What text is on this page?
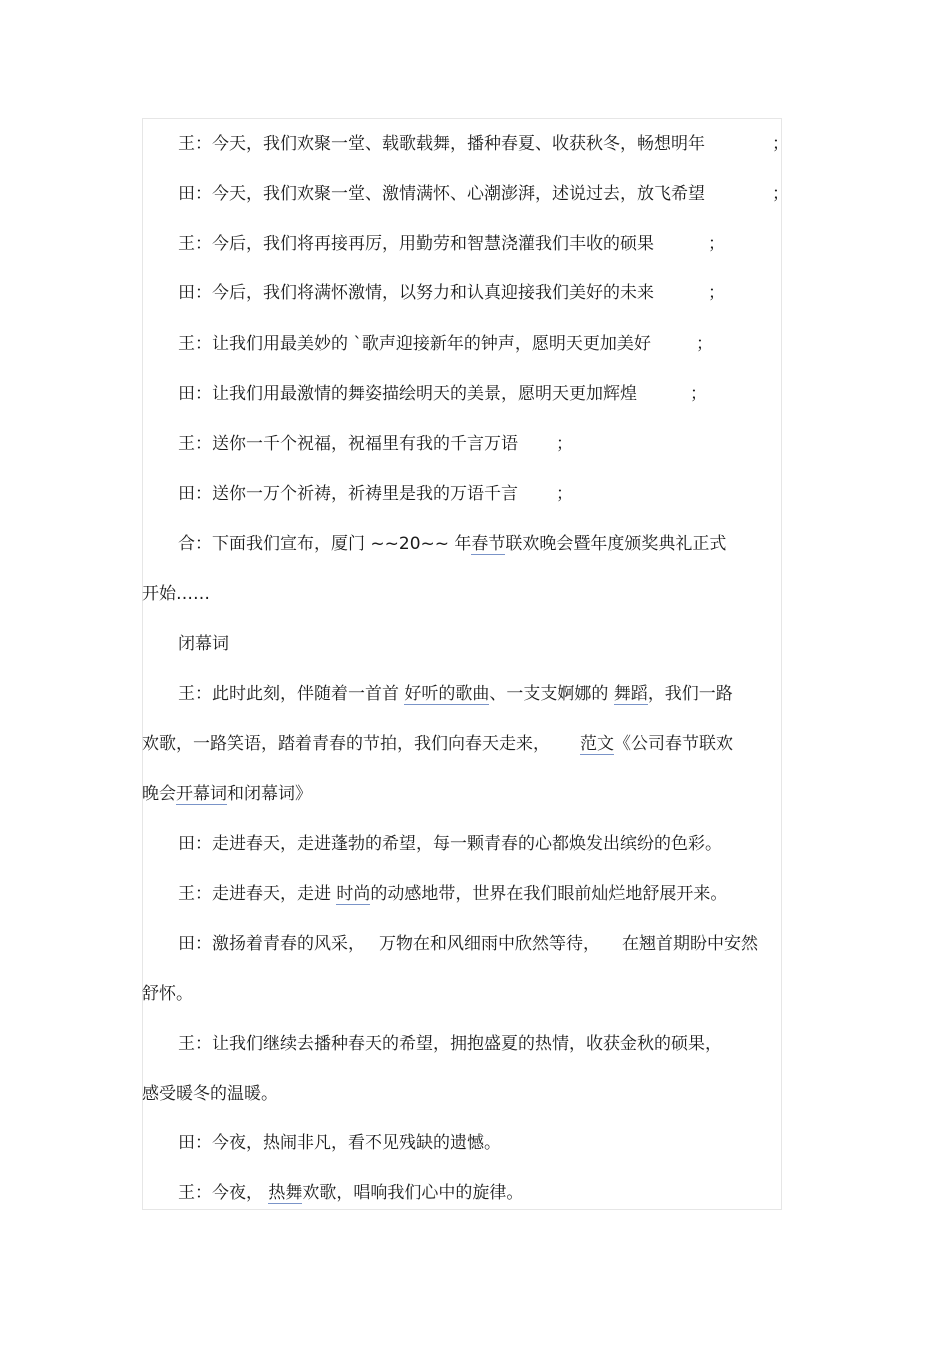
王：今天，我们欢聚一堂、载歌载舞，播种春夏、收获秋冬，畅想明年	；
田：今天，我们欢聚一堂、激情满怀、心潮澎湃，述说过去，放飞希望	；
王：今后，我们将再接再厉，用勤劳和智慧浇灌我们丰收的硕果	；
田：今后，我们将满怀激情，以努力和认真迎接我们美好的未来	；
王：让我们用最美妙的 `歌声迎接新年的钟声，愿明天更加美好	；
田：让我们用最激情的舞姿描绘明天的美景，愿明天更加辉煌	；
王：送你一千个祝福，祝福里有我的千言万语 ；
田：送你一万个祈祷，祈祷里是我的万语千言 ；
合：下面我们宣布，厦门 ~~20~~ 年春节联欢晚会暨年度颁奖典礼正式
开始……
闭幕词
王：此时此刻，伴随着一首首 好听的歌曲、一支支婀娜的 舞蹈，我们一路
欢歌，一路笑语，踏着青春的节拍，我们向春天走来， 范文《公司春节联欢
晚会开幕词和闭幕词》
田：走进春天，走进蓬勃的希望，每一颗青春的心都焕发出缤纷的色彩。
王：走进春天，走进 时尚的动感地带，世界在我们眼前灿烂地舒展开来。
田：激扬着青春的风采， 万物在和风细雨中欣然等待， 在翘首期盼中安然
舒怀。
王：让我们继续去播种春天的希望，拥抱盛夏的热情，收获金秋的硕果，
感受暖冬的温暖。
田：今夜，热闹非凡，看不见残缺的遗憾。
王：今夜， 热舞欢歌，唱响我们心中的旋律。
